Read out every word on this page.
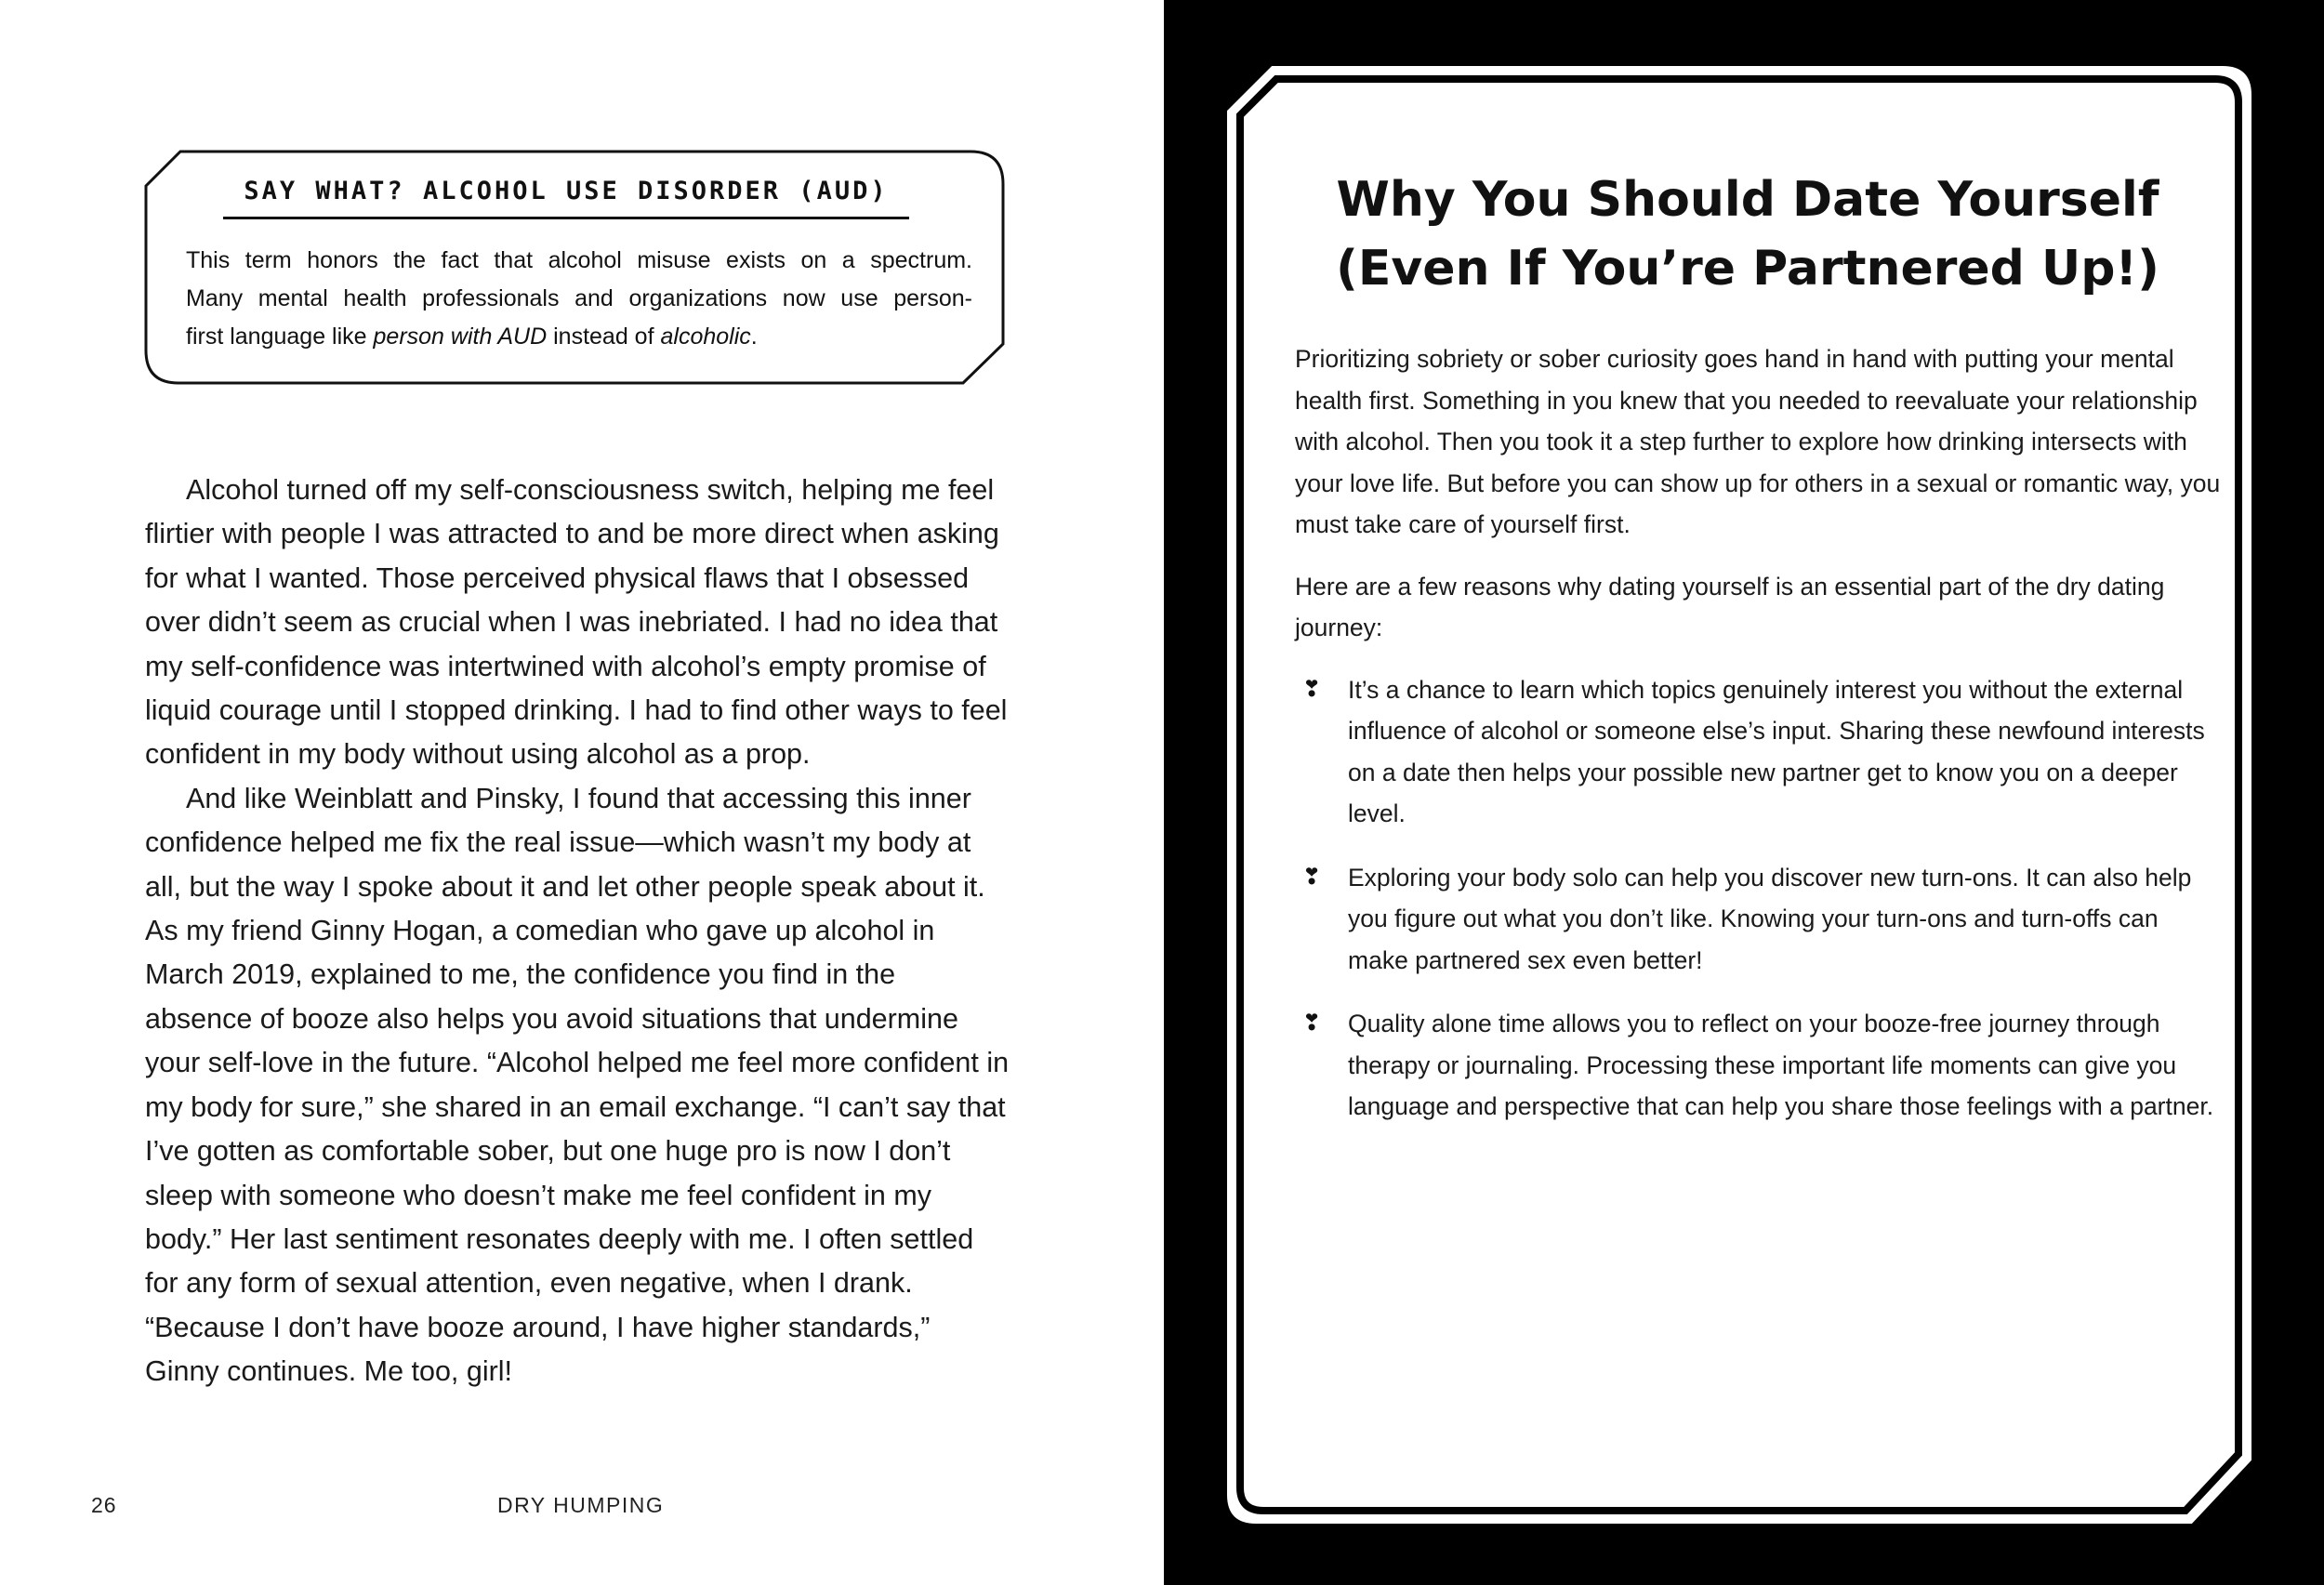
SAY WHAT? ALCOHOL USE DISORDER (AUD)
This term honors the fact that alcohol misuse exists on a spectrum.
Many mental health professionals and organizations now use person-
first language like person with AUD instead of alcoholic.

Alcohol turned off my self-consciousness switch, helping me feel flirtier with people I was attracted to and be more direct when asking for what I wanted. Those perceived physical flaws that I obsessed over didn’t seem as crucial when I was inebriated. I had no idea that my self-confidence was intertwined with alcohol’s empty promise of liquid courage until I stopped drinking. I had to find other ways to feel confident in my body without using alcohol as a prop.

And like Weinblatt and Pinsky, I found that accessing this inner confidence helped me fix the real issue—which wasn’t my body at all, but the way I spoke about it and let other people speak about it. As my friend Ginny Hogan, a comedian who gave up alcohol in March 2019, explained to me, the confidence you find in the absence of booze also helps you avoid situations that undermine your self-love in the future. “Alcohol helped me feel more confident in my body for sure,” she shared in an email exchange. “I can’t say that I’ve gotten as comfortable sober, but one huge pro is now I don’t sleep with someone who doesn’t make me feel confident in my body.” Her last sentiment resonates deeply with me. I often settled for any form of sexual attention, even negative, when I drank. “Because I don’t have booze around, I have higher standards,” Ginny continues. Me too, girl!

26	DRY HUMPING
Why You Should Date Yourself
(Even If You’re Partnered Up!)

Prioritizing sobriety or sober curiosity goes hand in hand with putting your mental health first. Something in you knew that you needed to reevaluate your relationship with alcohol. Then you took it a step further to explore how drinking intersects with your love life. But before you can show up for others in a sexual or romantic way, you must take care of yourself first.

Here are a few reasons why dating yourself is an essential part of the dry dating journey:

❣ It’s a chance to learn which topics genuinely interest you without the external influence of alcohol or someone else’s input. Sharing these newfound interests on a date then helps your possible new partner get to know you on a deeper level.
❣ Exploring your body solo can help you discover new turn-ons. It can also help you figure out what you don’t like. Knowing your turn-ons and turn-offs can make partnered sex even better!
❣ Quality alone time allows you to reflect on your booze-free journey through therapy or journaling. Processing these important life moments can give you language and perspective that can help you share those feelings with a partner.
